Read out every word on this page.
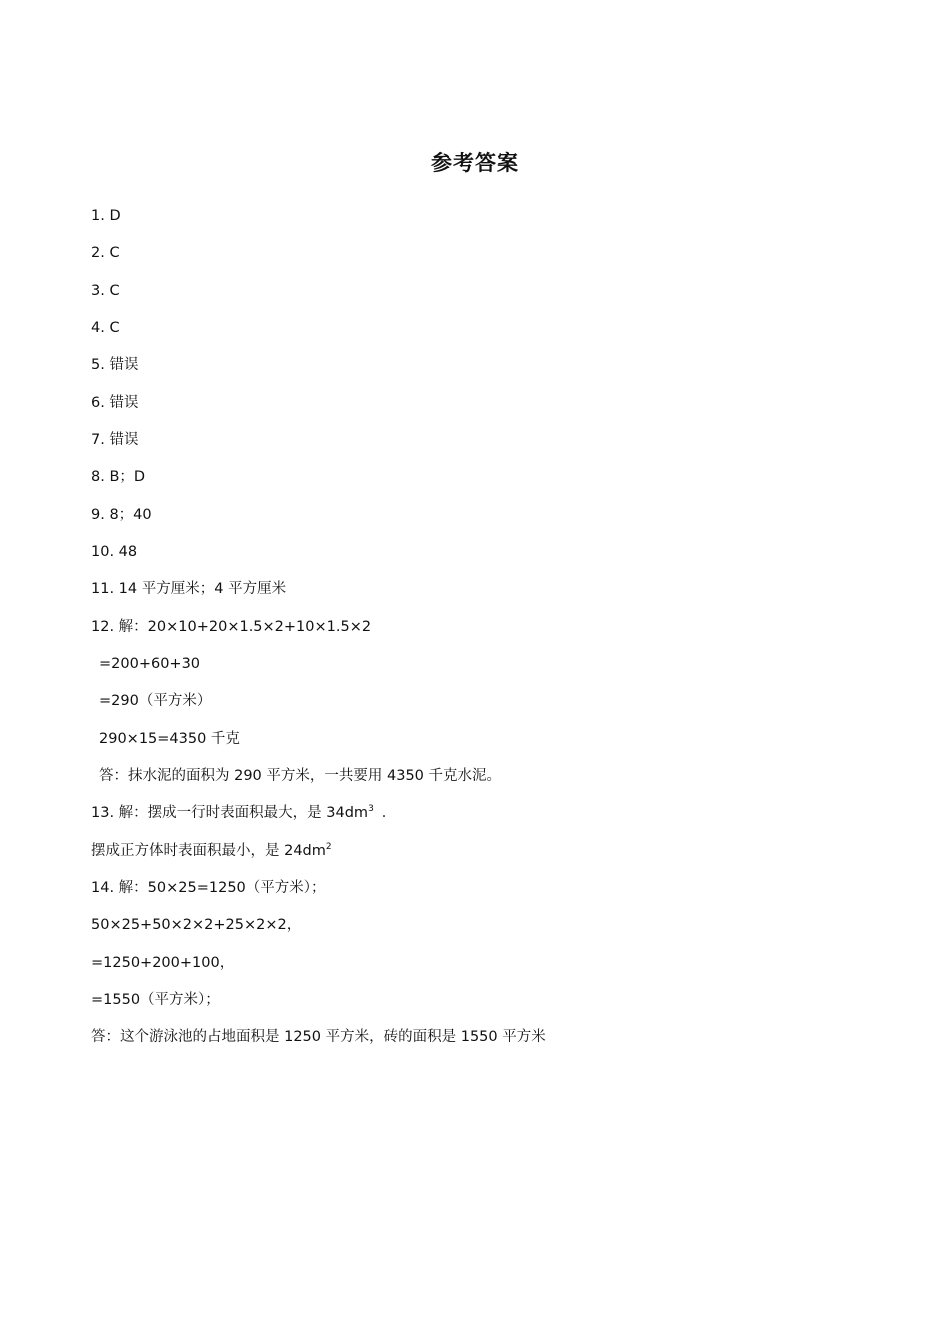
参考答案
1. D
2. C
3. C
4. C
5. 错误
6. 错误
7. 错误
8. B；D
9. 8；40
10. 48
11. 14 平方厘米；4 平方厘米
12. 解：20×10+20×1.5×2+10×1.5×2
=200+60+30
=290（平方米）
290×15=4350 千克
答：抹水泥的面积为 290 平方米，一共要用 4350 千克水泥。
13. 解：摆成一行时表面积最大，是 $34dm^3$ ．
摆成正方体时表面积最小，是 $24dm^2$
14. 解：50×25=1250（平方米）；
50×25+50×2×2+25×2×2，
=1250+200+100，
=1550（平方米）；
答：这个游泳池的占地面积是 1250 平方米，砖的面积是 1550 平方米
